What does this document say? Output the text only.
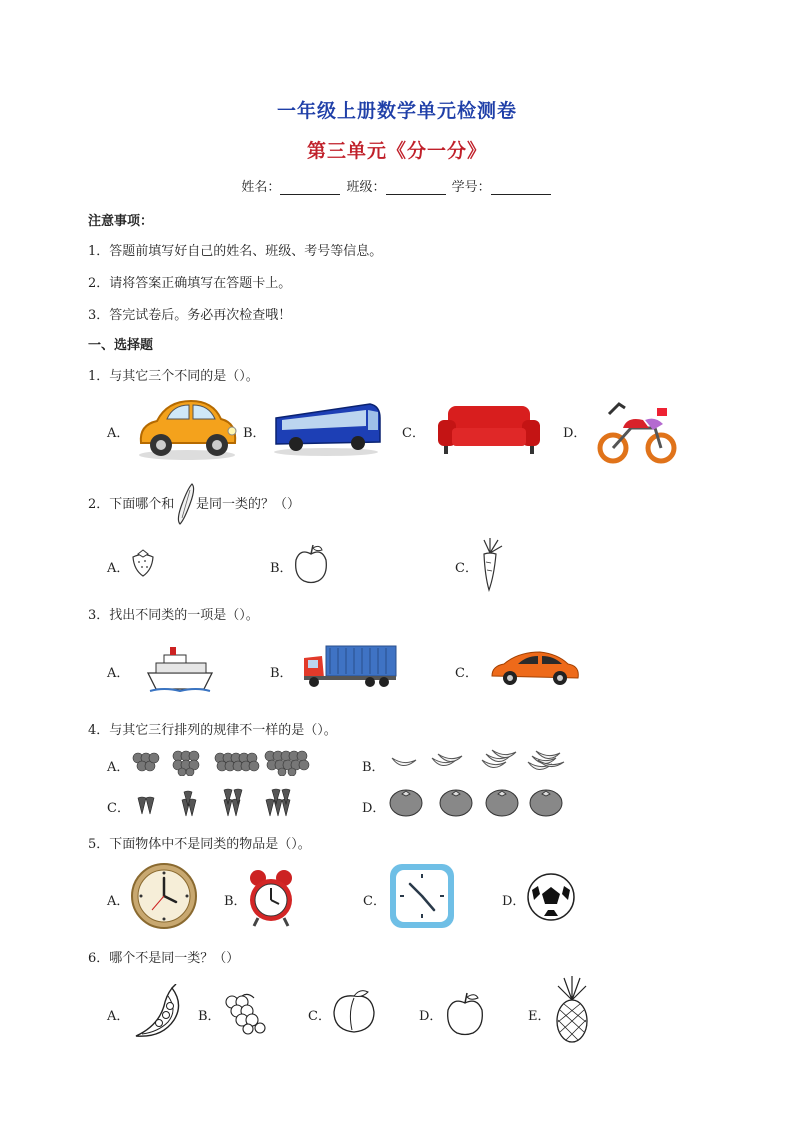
一年级上册数学单元检测卷
第三单元《分一分》
姓名：	班级：	学号：
注意事项：
1．答题前填写好自己的姓名、班级、考号等信息。
2．请将答案正确填写在答题卡上。
3．答完试卷后。务必再次检查哦！
一、选择题
1．与其它三个不同的是（）。
A．	B．	C．	D．
2．下面哪个和 是同一类的？（）
A．	B．	C．
3．找出不同类的一项是（）。
A．	B．	C．
4．与其它三行排列的规律不一样的是（）。
A．	B．
C．	D．
5．下面物体中不是同类的物品是（）。
A．	B．	C．	D．
6．哪个不是同一类？（）
A．	B．	C．	D．	E．
